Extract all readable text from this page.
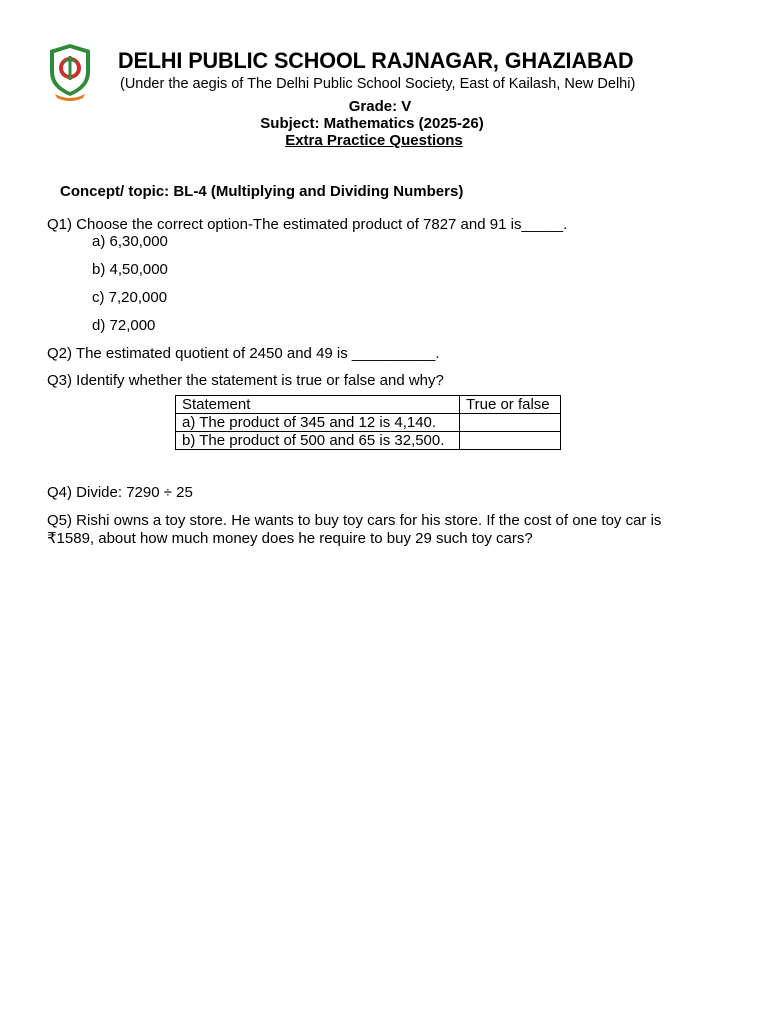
DELHI PUBLIC SCHOOL RAJNAGAR, GHAZIABAD
(Under the aegis of The Delhi Public School Society, East of Kailash, New Delhi)
Grade: V
Subject: Mathematics (2025-26)
Extra Practice Questions
Concept/ topic: BL-4 (Multiplying and Dividing Numbers)
Q1) Choose the correct option-The estimated product of 7827 and 91 is_____.
a) 6,30,000
b) 4,50,000
c) 7,20,000
d) 72,000
Q2) The estimated quotient of 2450 and 49 is __________.
Q3) Identify whether the statement is true or false and why?
Statement	True or false
a) The product of 345 and 12 is 4,140.	
b) The product of 500 and 65 is 32,500.	
Q4) Divide: 7290 ÷ 25
Q5) Rishi owns a toy store. He wants to buy toy cars for his store. If the cost of one toy car is
₹1589, about how much money does he require to buy 29 such toy cars?
